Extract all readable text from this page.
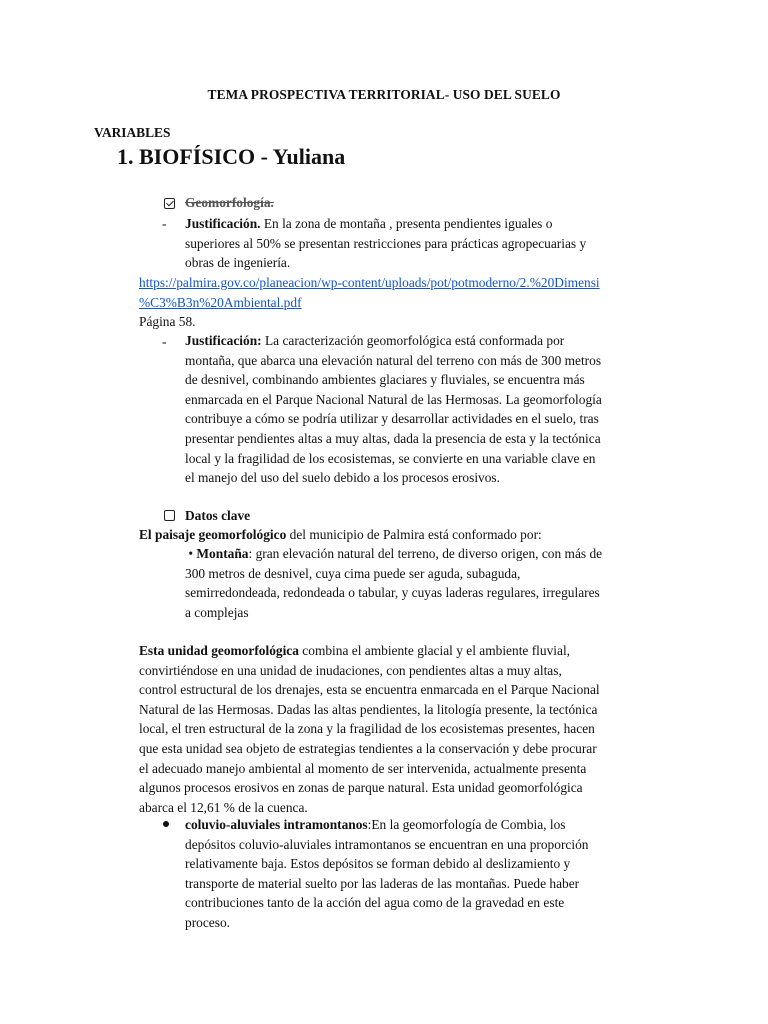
TEMA PROSPECTIVA TERRITORIAL- USO DEL SUELO
VARIABLES
1. BIOFÍSICO - Yuliana
Geomorfología.
- Justificación. En la zona de montaña , presenta pendientes iguales o

superiores al 50% se presentan restricciones para prácticas agropecuarias y

obras de ingeniería.

https://palmira.gov.co/planeacion/wp-content/uploads/pot/potmoderno/2.%20Dimensi

%C3%B3n%20Ambiental.pdf

Página 58.
- Justificación: La caracterización geomorfológica está conformada por

montaña, que abarca una elevación natural del terreno con más de 300 metros

de desnivel, combinando ambientes glaciares y fluviales, se encuentra más

enmarcada en el Parque Nacional Natural de las Hermosas. La geomorfología

contribuye a cómo se podría utilizar y desarrollar actividades en el suelo, tras

presentar pendientes altas a muy altas, dada la presencia de esta y la tectónica

local y la fragilidad de los ecosistemas, se convierte en una variable clave en

el manejo del uso del suelo debido a los procesos erosivos.

Datos clave
El paisaje geomorfológico del municipio de Palmira está conformado por:

• Montaña: gran elevación natural del terreno, de diverso origen, con más de

300 metros de desnivel, cuya cima puede ser aguda, subaguda,

semirredondeada, redondeada o tabular, y cuyas laderas regulares, irregulares

a complejas

Esta unidad geomorfológica combina el ambiente glacial y el ambiente fluvial,

convirtiéndose en una unidad de inudaciones, con pendientes altas a muy altas,

control estructural de los drenajes, esta se encuentra enmarcada en el Parque Nacional

Natural de las Hermosas. Dadas las altas pendientes, la litología presente, la tectónica

local, el tren estructural de la zona y la fragilidad de los ecosistemas presentes, hacen

que esta unidad sea objeto de estrategias tendientes a la conservación y debe procurar

el adecuado manejo ambiental al momento de ser intervenida, actualmente presenta

algunos procesos erosivos en zonas de parque natural. Esta unidad geomorfológica

abarca el 12,61 % de la cuenca.

coluvio-aluviales intramontanos:En la geomorfología de Combia, los

depósitos coluvio-aluviales intramontanos se encuentran en una proporción

relativamente baja. Estos depósitos se forman debido al deslizamiento y

transporte de material suelto por las laderas de las montañas. Puede haber

contribuciones tanto de la acción del agua como de la gravedad en este

proceso.
